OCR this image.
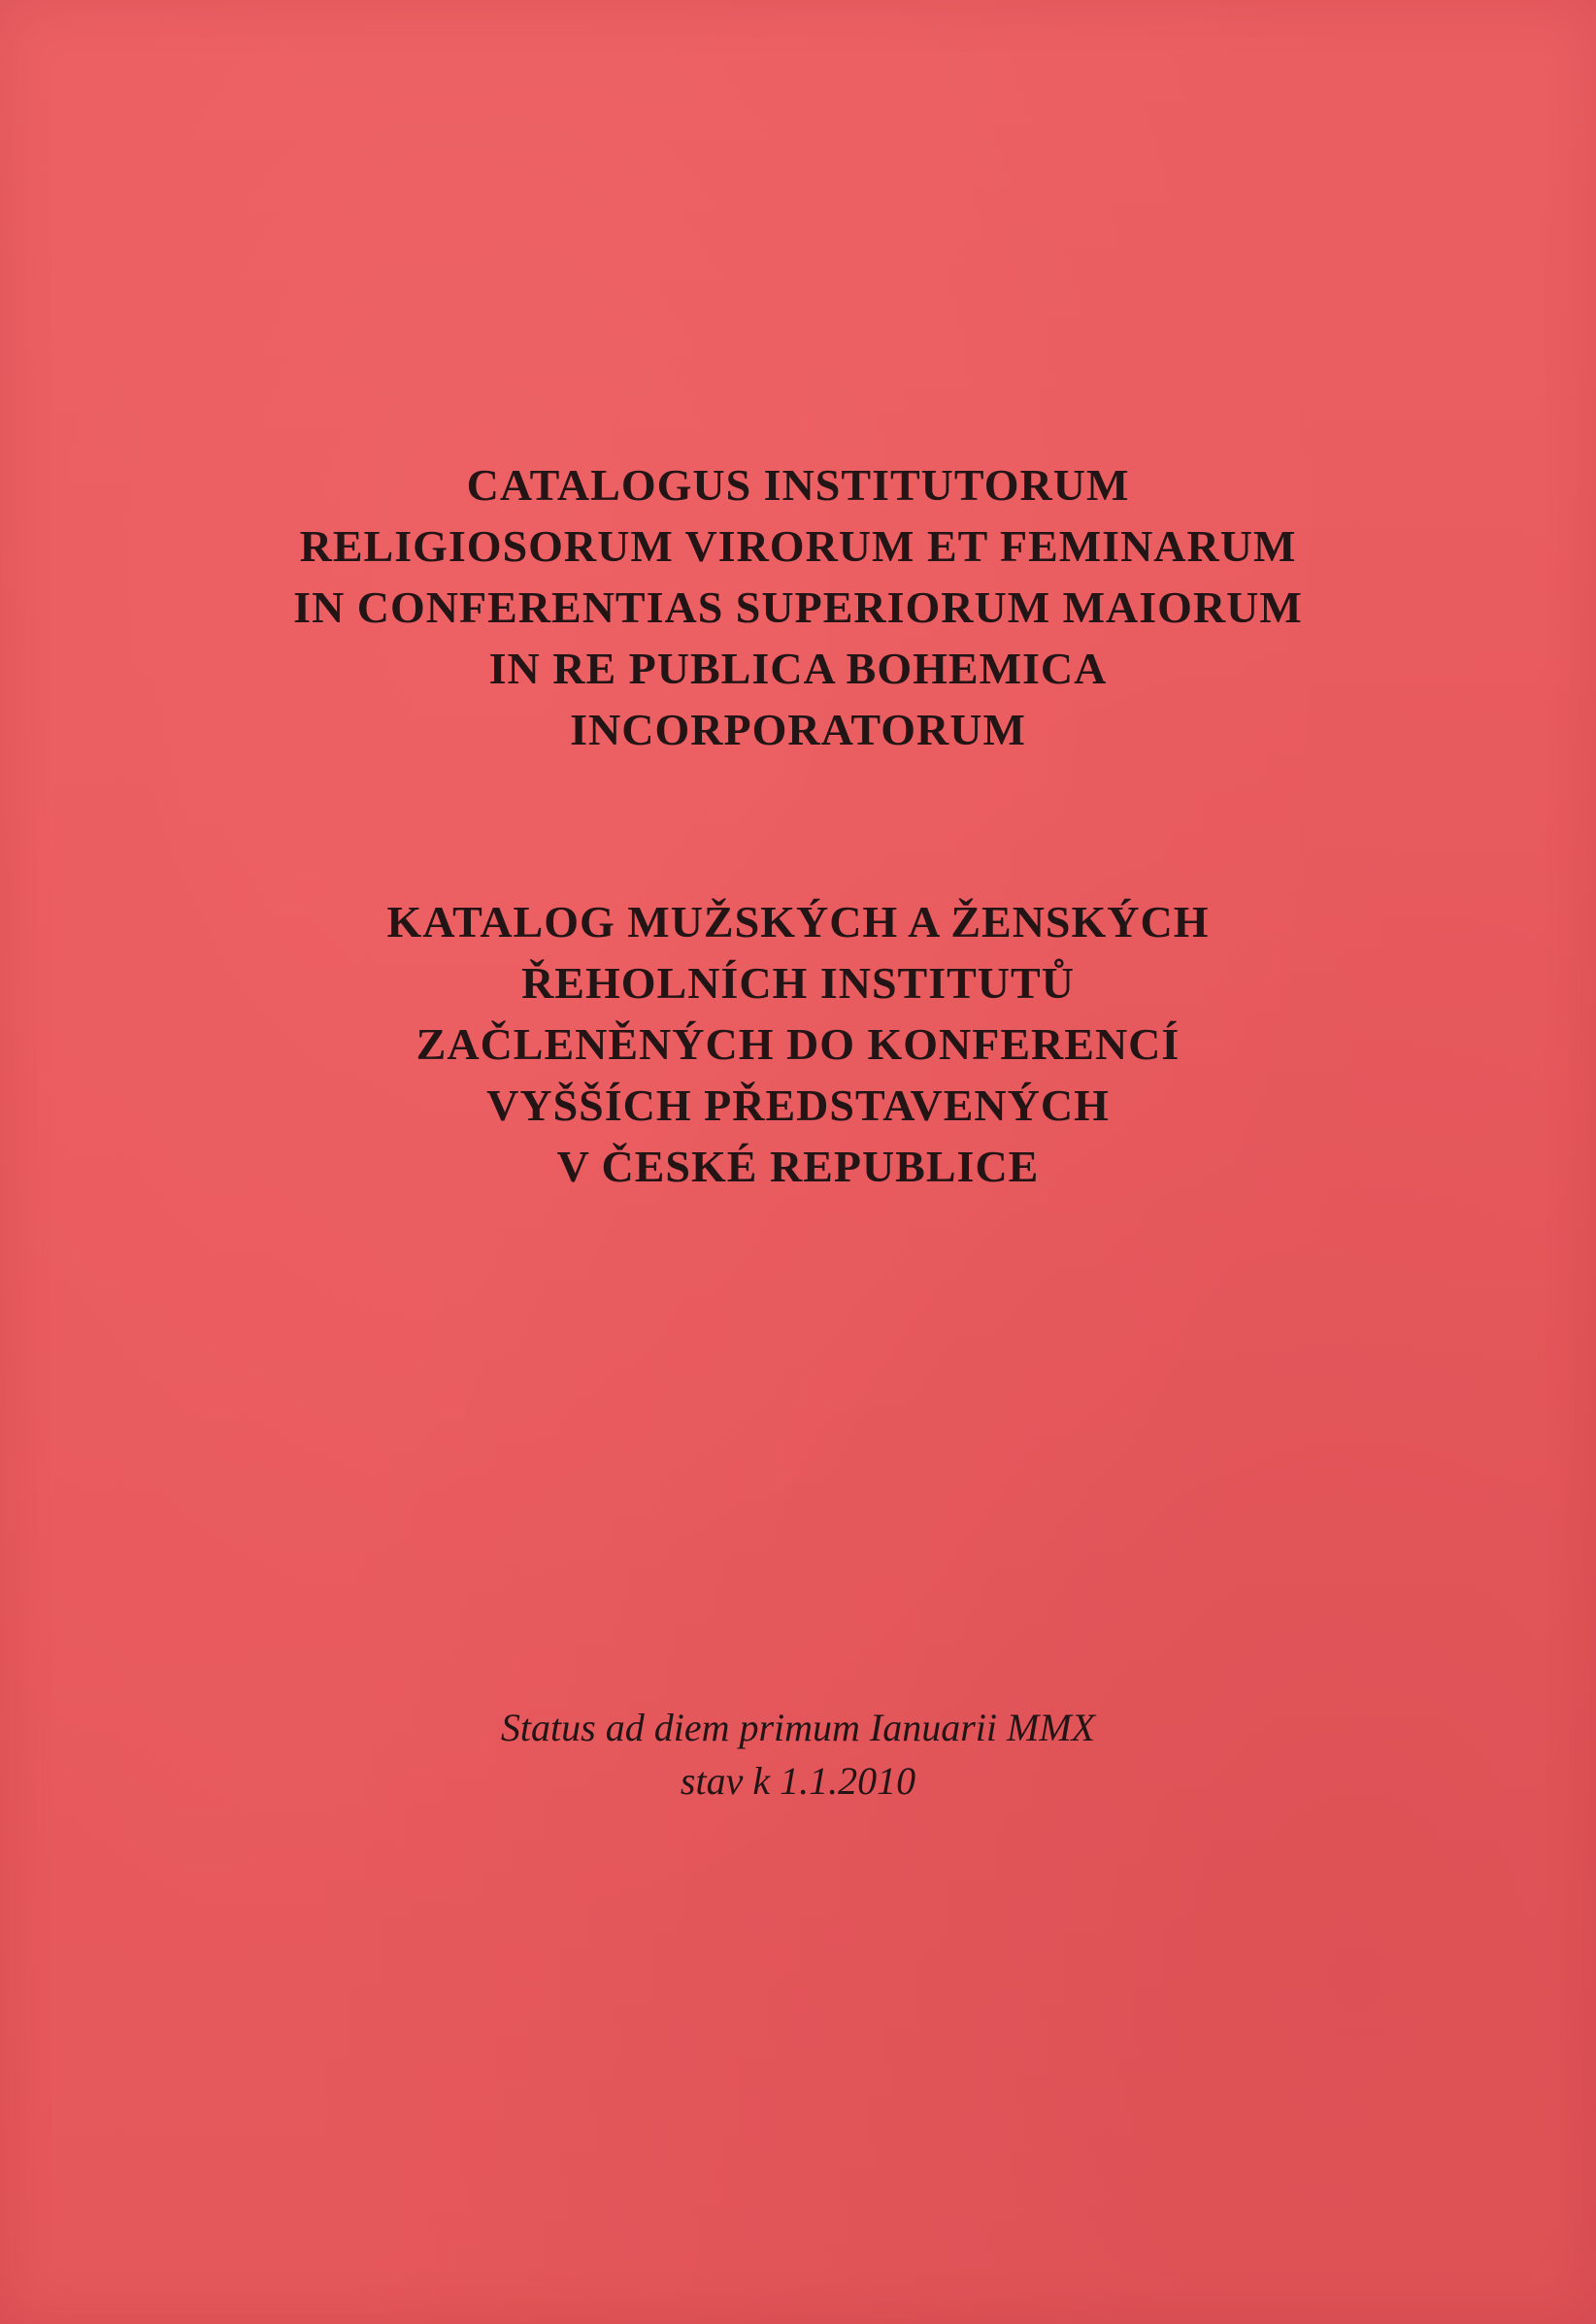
CATALOGUS INSTITUTORUM
RELIGIOSORUM VIRORUM ET FEMINARUM
IN CONFERENTIAS SUPERIORUM MAIORUM
IN RE PUBLICA BOHEMICA
INCORPORATORUM
KATALOG MUŽSKÝCH A ŽENSKÝCH
ŘEHOLNÍCH INSTITUTŮ
ZAČLENĚNÝCH DO KONFERENCÍ
VYŠŠÍCH PŘEDSTAVENÝCH
V ČESKÉ REPUBLICE
Status ad diem primum Ianuarii MMX
stav k 1.1.2010
